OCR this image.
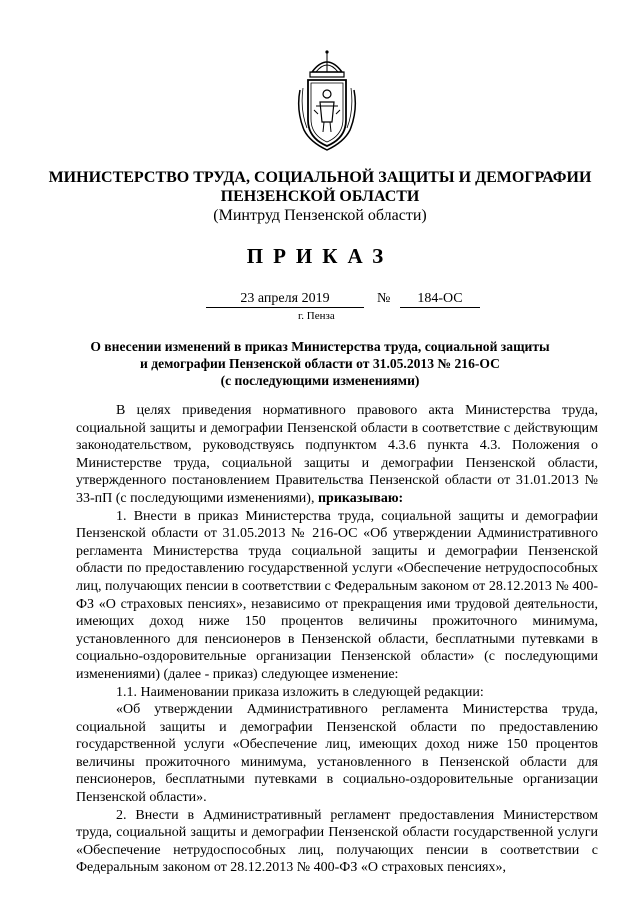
МИНИСТЕРСТВО ТРУДА, СОЦИАЛЬНОЙ ЗАЩИТЫ И ДЕМОГРАФИИ
ПЕНЗЕНСКОЙ ОБЛАСТИ
(Минтруд Пензенской области)
ПРИКАЗ
23 апреля 2019	№	184-ОС
г. Пенза
О внесении изменений в приказ Министерства труда, социальной защиты
и демографии Пензенской области от 31.05.2013 № 216-ОС
(с последующими изменениями)

В целях приведения нормативного правового акта Министерства труда, социальной защиты и демографии Пензенской области в соответствие с действующим законодательством, руководствуясь подпунктом 4.3.6 пункта 4.3. Положения о Министерстве труда, социальной защиты и демографии Пензенской области, утвержденного постановлением Правительства Пензенской области от 31.01.2013 № 33-пП (с последующими изменениями), приказываю:

1. Внести в приказ Министерства труда, социальной защиты и демографии Пензенской области от 31.05.2013 № 216-ОС «Об утверждении Административного регламента Министерства труда социальной защиты и демографии Пензенской области по предоставлению государственной услуги «Обеспечение нетрудоспособных лиц, получающих пенсии в соответствии с Федеральным законом от 28.12.2013 № 400-ФЗ «О страховых пенсиях», независимо от прекращения ими трудовой деятельности, имеющих доход ниже 150 процентов величины прожиточного минимума, установленного для пенсионеров в Пензенской области, бесплатными путевками в социально-оздоровительные организации Пензенской области» (с последующими изменениями) (далее - приказ) следующее изменение:

1.1. Наименовании приказа изложить в следующей редакции:

«Об утверждении Административного регламента Министерства труда, социальной защиты и демографии Пензенской области по предоставлению государственной услуги «Обеспечение лиц, имеющих доход ниже 150 процентов величины прожиточного минимума, установленного в Пензенской области для пенсионеров, бесплатными путевками в социально-оздоровительные организации Пензенской области».

2. Внести в Административный регламент предоставления Министерством труда, социальной защиты и демографии Пензенской области государственной услуги «Обеспечение нетрудоспособных лиц, получающих пенсии в соответствии с Федеральным законом от 28.12.2013 № 400-ФЗ «О страховых пенсиях»,
